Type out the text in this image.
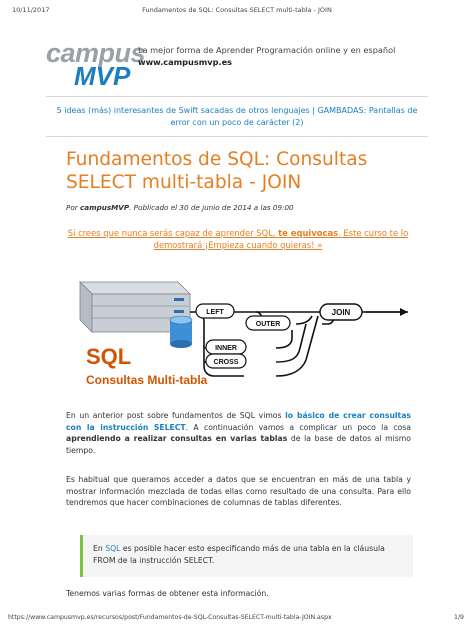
10/11/2017	Fundamentos de SQL: Consultas SELECT multi-tabla - JOIN
campus
MVP
La mejor forma de Aprender Programación online y en español
www.campusmvp.es
5 ideas (más) interesantes de Swift sacadas de otros lenguajes | GAMBADAS: Pantallas de error con un poco de carácter (2)
Fundamentos de SQL: Consultas SELECT multi-tabla - JOIN
Por campusMVP. Publicado el 30 de junio de 2014 a las 09:00
Si crees que nunca serás capaz de aprender SQL, te equivocas. Este curso te lo demostrará ¡Empieza cuando quieras! »
LEFT
OUTER
JOIN
INNER
CROSS
SQL
Consultas Multi-tabla
En un anterior post sobre fundamentos de SQL vimos lo básico de crear consultas con la instrucción SELECT. A continuación vamos a complicar un poco la cosa aprendiendo a realizar consultas en varias tablas de la base de datos al mismo tiempo.
Es habitual que queramos acceder a datos que se encuentran en más de una tabla y mostrar información mezclada de todas ellas como resultado de una consulta. Para ello tendremos que hacer combinaciones de columnas de tablas diferentes.
En SQL es posible hacer esto especificando más de una tabla en la cláusula FROM de la instrucción SELECT.
Tenemos varias formas de obtener esta información.
https://www.campusmvp.es/recursos/post/Fundamentos-de-SQL-Consultas-SELECT-multi-tabla-JOIN.aspx	1/9
